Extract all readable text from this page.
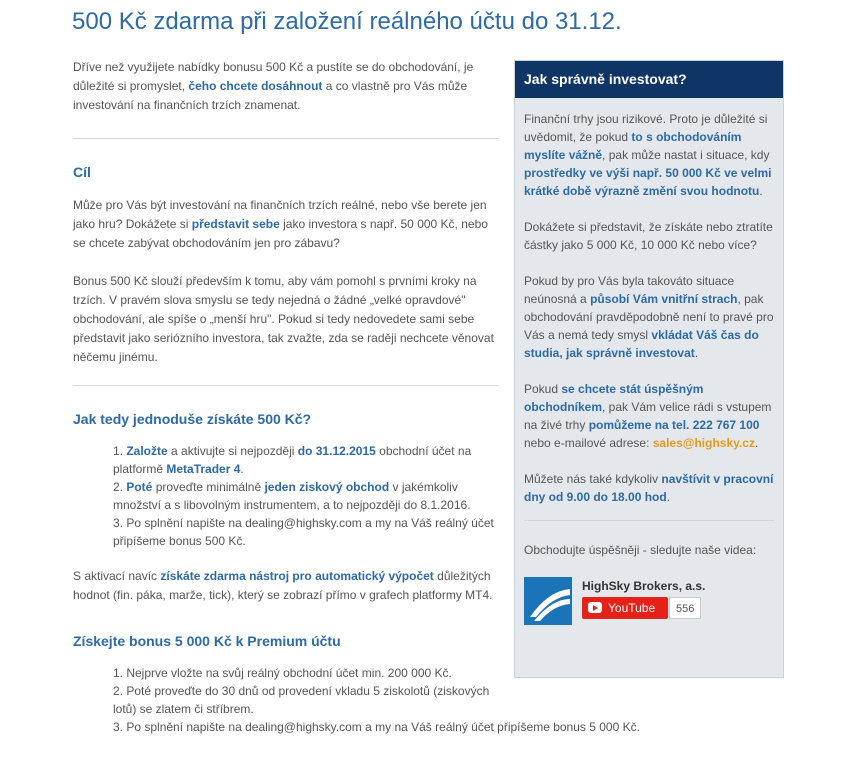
500 Kč zdarma při založení reálného účtu do 31.12.

Dříve než využijete nabídky bonusu 500 Kč a pustíte se do obchodování, je důležité si promyslet, čeho chcete dosáhnout a co vlastně pro Vás může investování na finančních trzích znamenat.

Cíl

Může pro Vás být investování na finančních trzích reálné, nebo vše berete jen jako hru? Dokážete si představit sebe jako investora s např. 50 000 Kč, nebo se chcete zabývat obchodováním jen pro zábavu?

Bonus 500 Kč slouží především k tomu, aby vám pomohl s prvními kroky na trzích. V pravém slova smyslu se tedy nejedná o žádné „velké opravdové" obchodování, ale spíše o „menší hru". Pokud si tedy nedovedete sami sebe představit jako seriózního investora, tak zvažte, zda se raději nechcete věnovat něčemu jinému.

Jak tedy jednoduše získáte 500 Kč?
1. Založte a aktivujte si nejpozději do 31.12.2015 obchodní účet na platformě MetaTrader 4.
2. Poté proveďte minimálně jeden ziskový obchod v jakémkoliv množství a s libovolným instrumentem, a to nejpozději do 8.1.2016.
3. Po splnění napište na dealing@highsky.com a my na Váš reálný účet připíšeme bonus 500 Kč.

S aktivací navíc získáte zdarma nástroj pro automatický výpočet důležitých hodnot (fin. páka, marže, tick), který se zobrazí přímo v grafech platformy MT4.

Získejte bonus 5 000 Kč k Premium účtu
1. Nejprve vložte na svůj reálný obchodní účet min. 200 000 Kč.
2. Poté proveďte do 30 dnů od provedení vkladu 5 ziskolotů (ziskových lotů) se zlatem či stříbrem.
3. Po splnění napište na dealing@highsky.com a my na Váš reálný účet připíšeme bonus 5 000 Kč.
Jak správně investovat?

Finanční trhy jsou rizikové. Proto je důležité si uvědomit, že pokud to s obchodováním myslíte vážně, pak může nastat i situace, kdy prostředky ve výši např. 50 000 Kč ve velmi krátké době výrazně změní svou hodnotu.

Dokážete si představit, že získáte nebo ztratíte částky jako 5 000 Kč, 10 000 Kč nebo více?

Pokud by pro Vás byla takováto situace neúnosná a působí Vám vnitřní strach, pak obchodování pravděpodobně není to pravé pro Vás a nemá tedy smysl vkládat Váš čas do studia, jak správně investovat.

Pokud se chcete stát úspěšným obchodníkem, pak Vám velice rádi s vstupem na živé trhy pomůžeme na tel. 222 767 100 nebo e-mailové adrese: sales@highsky.cz.

Můžete nás také kdykoliv navštívit v pracovní dny od 9.00 do 18.00 hod.

Obchodujte úspěšněji - sledujte naše videa:

HighSky Brokers, a.s.
YouTube	556
